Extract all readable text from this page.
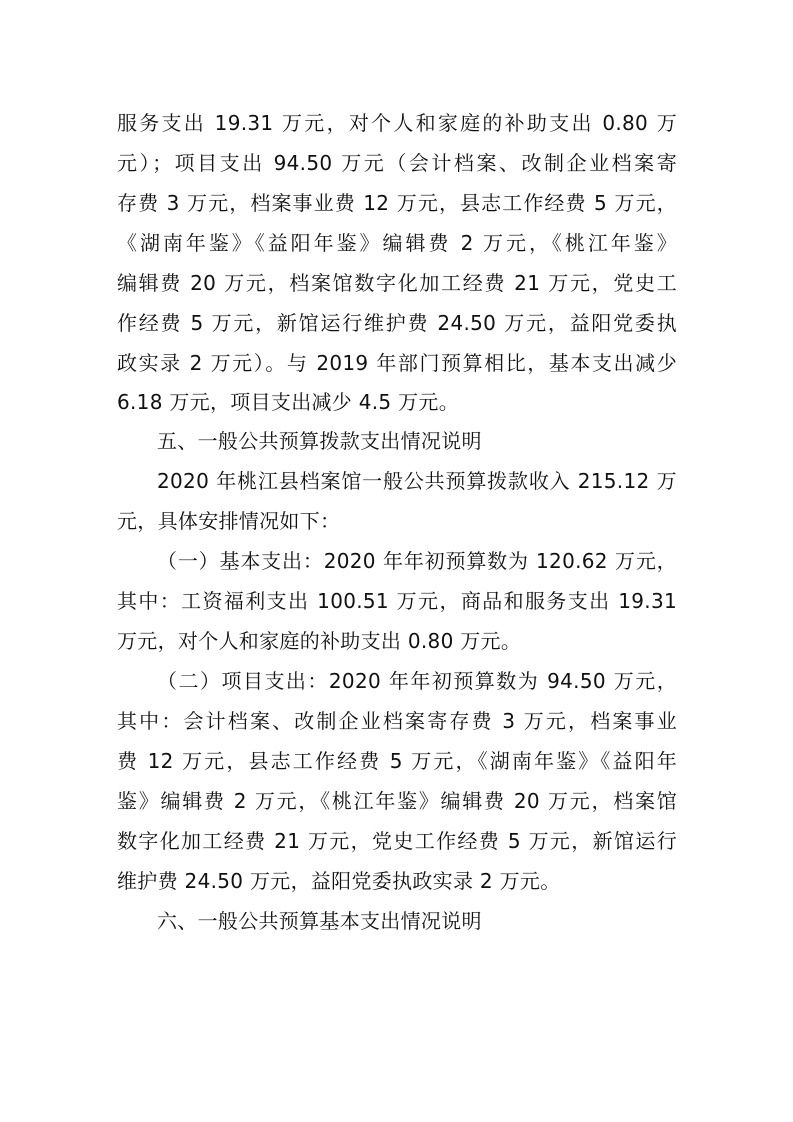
服务支出 19.31 万元，对个人和家庭的补助支出 0.80 万
元）；项目支出 94.50 万元（会计档案、改制企业档案寄
存费 3 万元，档案事业费 12 万元，县志工作经费 5 万元，
《湖南年鉴》《益阳年鉴》编辑费 2 万元，《桃江年鉴》
编辑费 20 万元，档案馆数字化加工经费 21 万元，党史工
作经费 5 万元，新馆运行维护费 24.50 万元，益阳党委执
政实录 2 万元）。与 2019 年部门预算相比，基本支出减少
6.18 万元，项目支出减少 4.5 万元。
五、一般公共预算拨款支出情况说明
2020 年桃江县档案馆一般公共预算拨款收入 215.12 万
元，具体安排情况如下：
（一）基本支出：2020 年年初预算数为 120.62 万元，
其中：工资福利支出 100.51 万元，商品和服务支出 19.31
万元，对个人和家庭的补助支出 0.80 万元。
（二）项目支出：2020 年年初预算数为 94.50 万元，
其中：会计档案、改制企业档案寄存费 3 万元，档案事业
费 12 万元，县志工作经费 5 万元，《湖南年鉴》《益阳年
鉴》编辑费 2 万元，《桃江年鉴》编辑费 20 万元，档案馆
数字化加工经费 21 万元，党史工作经费 5 万元，新馆运行
维护费 24.50 万元，益阳党委执政实录 2 万元。
六、一般公共预算基本支出情况说明
